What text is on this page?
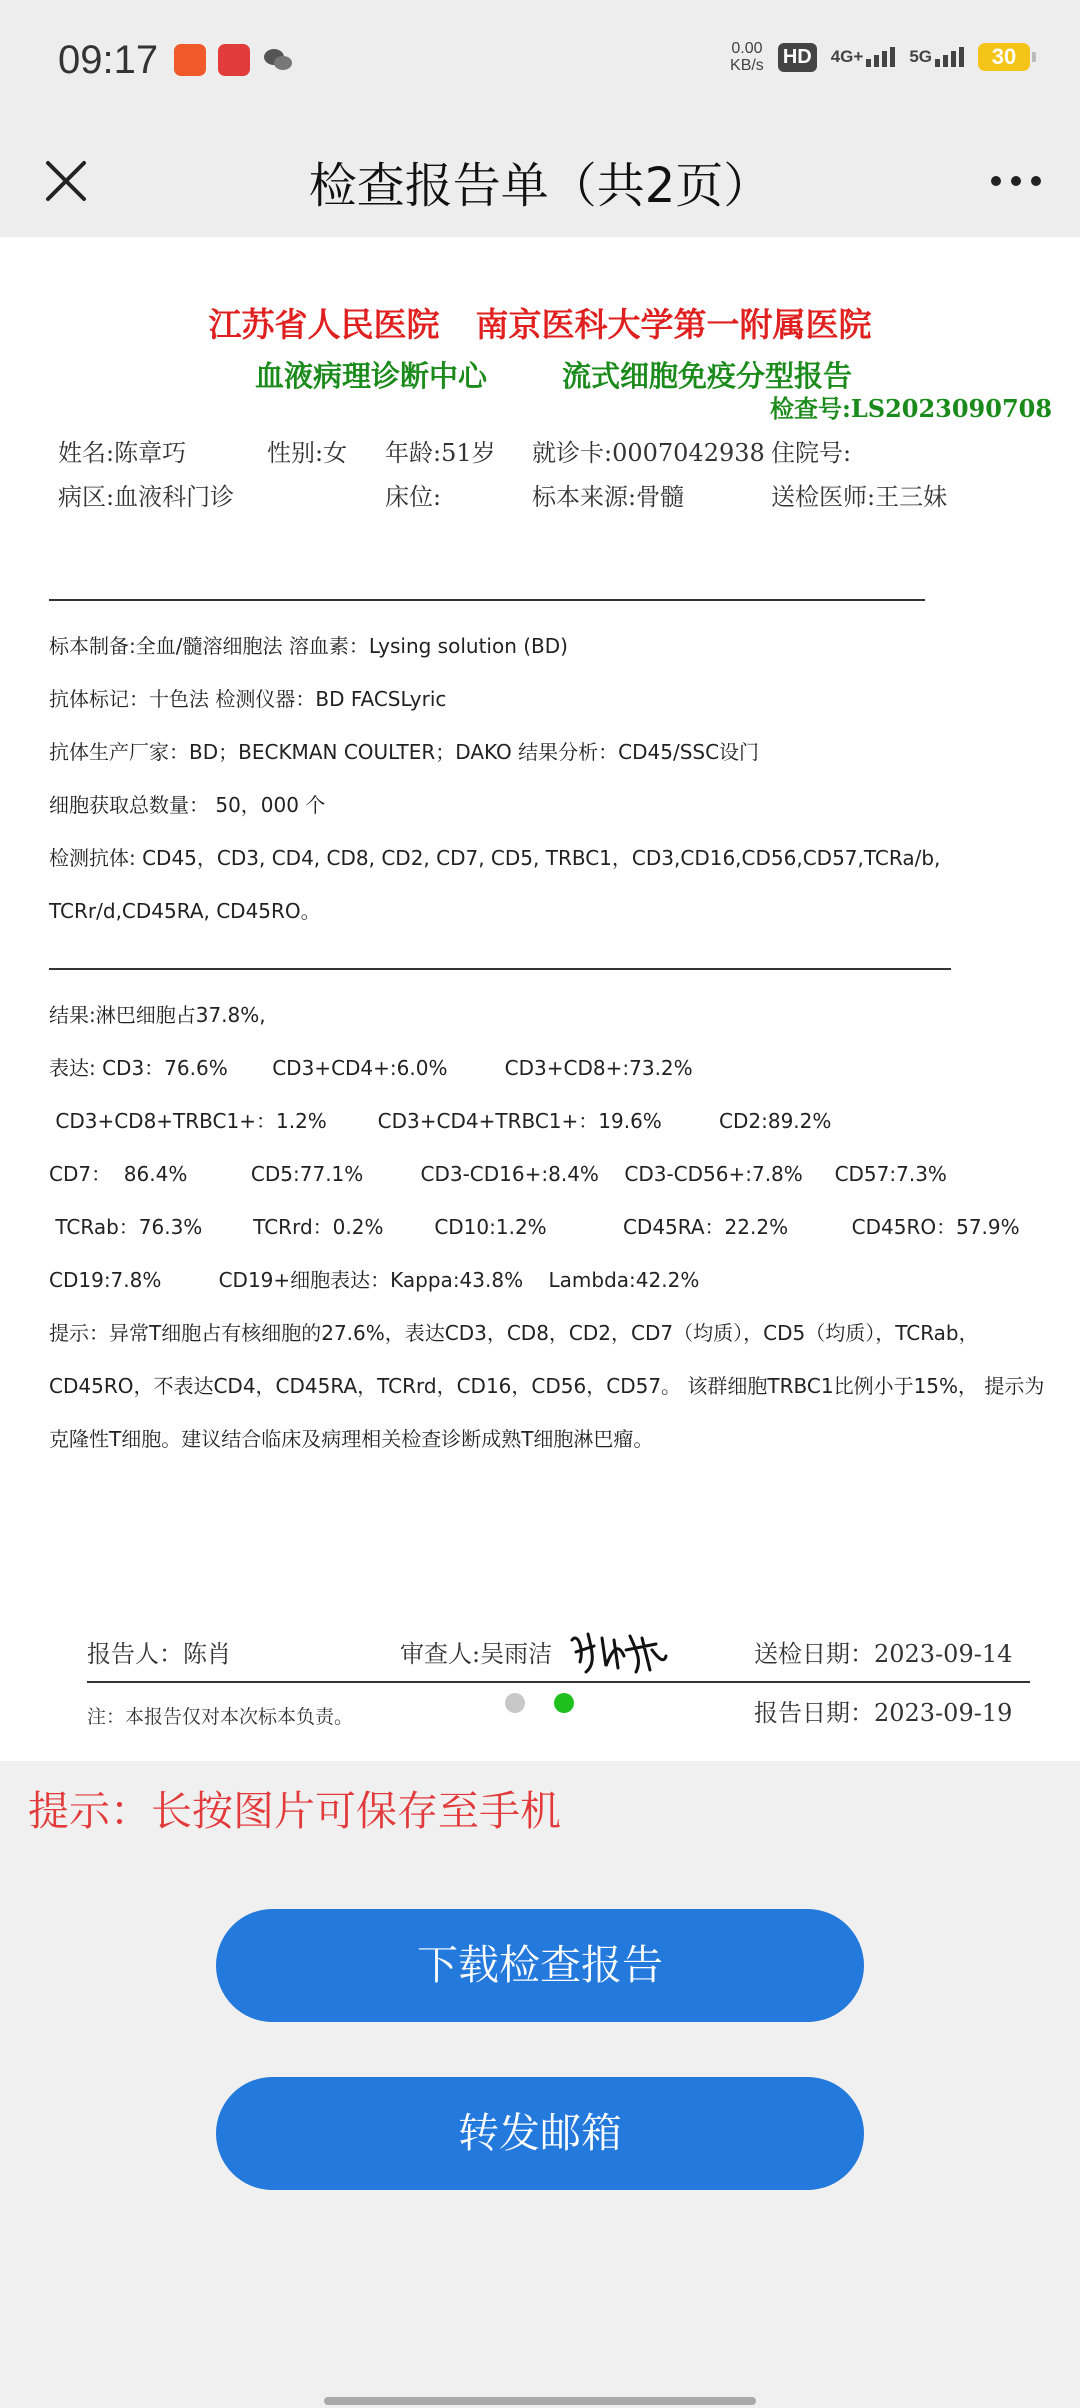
09:17	0.00
KB/s HD 4G+	5G	30
检查报告单（共2页）
江苏省人民医院 南京医科大学第一附属医院
血液病理诊断中心	流式细胞免疫分型报告
检查号:LS2023090708
姓名:陈章巧	性别:女 年龄:51岁 就诊卡:0007042938 住院号:
病区:血液科门诊	床位:	标本来源:骨髓	送检医师:王三妹
标本制备:全血/髓溶细胞法 溶血素：Lysing solution (BD)
抗体标记：十色法 检测仪器：BD FACSLyric
抗体生产厂家：BD；BECKMAN COULTER；DAKO 结果分析：CD45/SSC设门
细胞获取总数量： 50，000 个
检测抗体: CD45，CD3, CD4, CD8, CD2, CD7, CD5, TRBC1，CD3,CD16,CD56,CD57,TCRa/b,
TCRr/d,CD45RA, CD45RO。
结果:淋巴细胞占37.8%,
表达: CD3：76.6%       CD3+CD4+:6.0%         CD3+CD8+:73.2%
CD3+CD8+TRBC1+：1.2%        CD3+CD4+TRBC1+：19.6%         CD2:89.2%
CD7：  86.4%          CD5:77.1%         CD3-CD16+:8.4%    CD3-CD56+:7.8%     CD57:7.3%
TCRab：76.3%        TCRrd：0.2%        CD10:1.2%            CD45RA：22.2%          CD45RO：57.9%
CD19:7.8%         CD19+细胞表达：Kappa:43.8%    Lambda:42.2%
提示：异常T细胞占有核细胞的27.6%，表达CD3，CD8，CD2，CD7（均质），CD5（均质），TCRab，
CD45RO，不表达CD4，CD45RA，TCRrd，CD16，CD56，CD57。 该群细胞TRBC1比例小于15%， 提示为
克隆性T细胞。建议结合临床及病理相关检查诊断成熟T细胞淋巴瘤。
报告人：陈肖	审查人:吴雨洁	送检日期：2023-09-14
注：本报告仅对本次标本负责。	报告日期：2023-09-19
提示：长按图片可保存至手机
下载检查报告
转发邮箱
